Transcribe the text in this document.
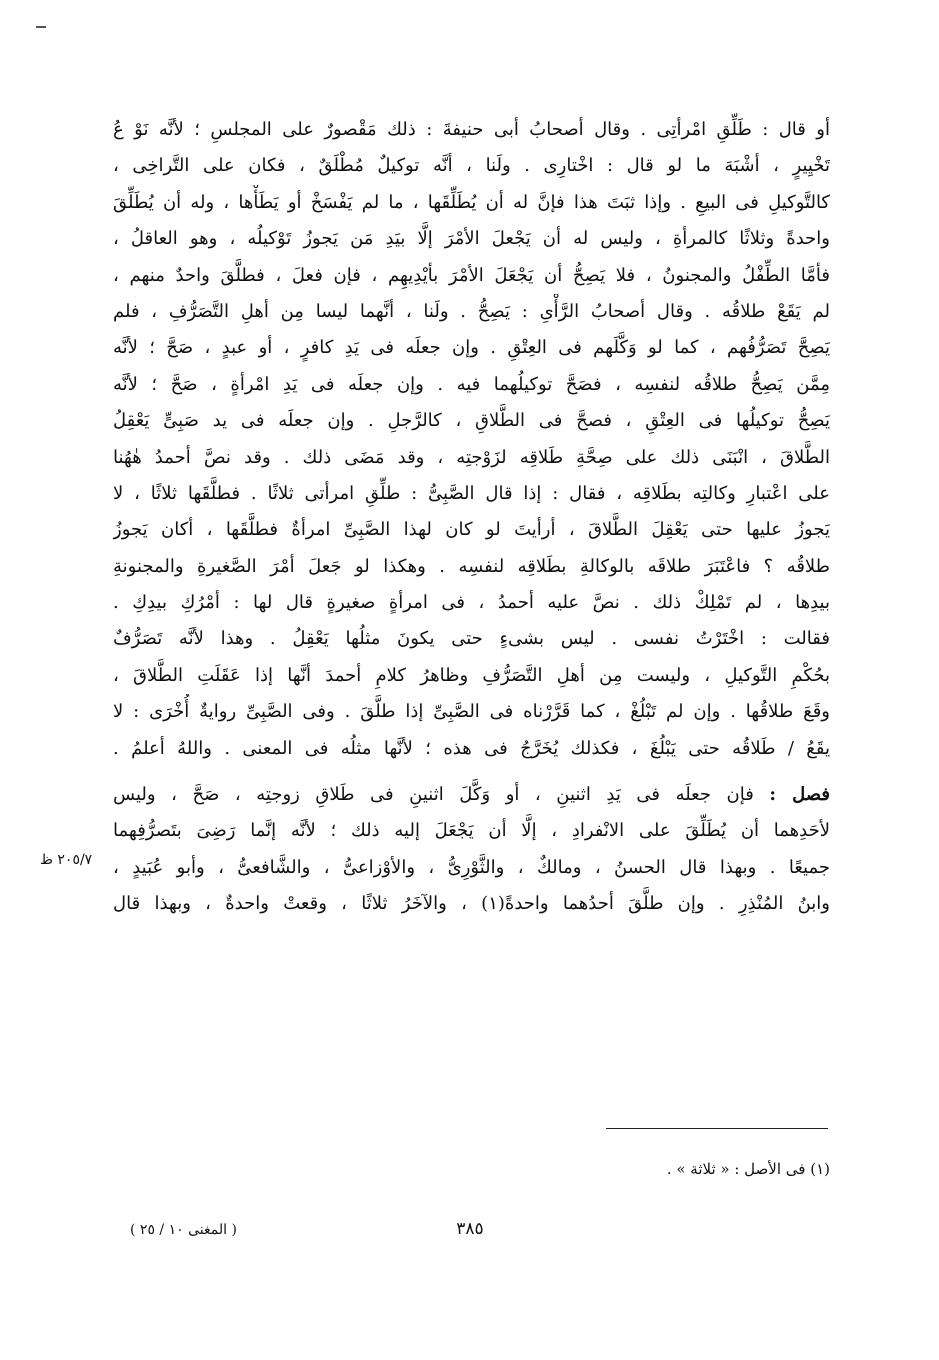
أو قال : طَلِّقِ امْرأتِى . وقال أصحابُ أبى حنيفةَ : ذلك مَقْصورٌ على المجلسِ ؛ لأنَّه نَوْ عُ
تَخْيِيرٍ ، أشْبَهَ ما لو قال : اخْتارِى . ولَنا ، أنَّه توكيلٌ مُطْلَقٌ ، فكان على التَّراخِى ،
كالتَّوكيلِ فى البيعِ . وإذا ثبَتَ هذا فإنَّ له أن يُطَلِّقَها ، ما لم يَفْسَخْ أو يَطَأْها ، وله أن يُطَلِّقَ
واحدةً وثلاثًا كالمرأةِ ، وليس له أن يَجْعلَ الأمْرَ إلَّا بيَدِ مَن يَجوزُ تَوْكيلُه ، وهو العاقلُ ،
فأمَّا الطِّفْلُ والمجنونُ ، فلا يَصِحُّ أن يَجْعَلَ الأمْرَ بأيْدِيهِم ، فإن فعلَ ، فطلَّقَ واحدٌ منهم ،
لم يَقَعْ طلاقُه . وقال أصحابُ الرَّأْىِ : يَصِحُّ . ولَنا ، أنَّهما ليسا مِن أهلِ التَّصَرُّفِ ، فلم
يَصِحَّ تَصَرُّفُهم ، كما لو وَكَّلَهم فى العِتْقِ . وإن جعلَه فى يَدِ كافرٍ ، أو عبدٍ ، صَحَّ ؛ لأنَّه
مِمَّن يَصِحُّ طلاقُه لنفسِه ، فصَحَّ توكيلُهما فيه . وإن جعلَه فى يَدِ امْرأةٍ ، صَحَّ ؛ لأنَّه
يَصِحُّ توكيلُها فى العِتْقِ ، فصحَّ فى الطَّلاقِ ، كالرَّجلِ . وإن جعلَه فى يد صَبِىٍّ يَعْقِلُ
الطَّلاقَ ، انْبَنَى ذلك على صِحَّةِ طَلاقِه لزَوْجتِه ، وقد مَضَى ذلك . وقد نصَّ أحمدُ هٰهُنا
على اعْتبارِ وكالتِه بطَلاقِه ، فقال : إذا قال الصَّبِىُّ : طلِّقِ امرأتى ثلاثًا . فطلَّقَها ثلاثًا ، لا
يَجوزُ عليها حتى يَعْقِلَ الطَّلاقَ ، أرأيتَ لو كان لهذا الصَّبِىِّ امرأةٌ فطلَّقَها ، أكان يَجوزُ
طلاقُه ؟ فاعْتَبَرَ طلاقَه بالوكالةِ بطَلاقِه لنفسِه . وهكذا لو جَعلَ أمْرَ الصَّغيرةِ والمجنونةِ
بيدِها ، لم تَمْلِكْ ذلك . نصَّ عليه أحمدُ ، فى امرأةٍ صغيرةٍ قال لها : أمْرُكِ بيدِكِ .
فقالت : اخْتَرْتُ نفسى . ليس بشىءٍ حتى يكونَ مثلُها يَعْقِلُ . وهذا لأنَّه تَصَرُّفٌ
بحُكْمِ التَّوكيلِ ، وليست مِن أهلِ التَّصَرُّفِ وظاهرُ كلامِ أحمدَ أنَّها إذا عَقَلَتِ الطَّلاقَ ،
وقَعَ طلاقُها . وإن لم تَبْلُغْ ، كما قَرَّرْناه فى الصَّبِىِّ إذا طلَّقَ . وفى الصَّبِىِّ روايةٌ أُخْرَى : لا
يقَعُ / طَلاقُه حتى يَبْلُغَ ، فكذلك يُخَرَّجُ فى هذه ؛ لأنَّها مثلُه فى المعنى . واللهُ أعلمُ .
فصل : فإن جعلَه فى يَدِ اثنينِ ، أو وَكَّلَ اثنينِ فى طَلاقِ زوجتِه ، صَحَّ ، وليس
لأحَدِهما أن يُطَلِّقَ على الانْفرادِ ، إلَّا أن يَجْعَلَ إليه ذلك ؛ لأنَّه إنَّما رَضِىَ بتَصرُّفِهما
جميعًا . وبهذا قال الحسنُ ، ومالكٌ ، والثَّوْرِىُّ ، والأوْزاعىُّ ، والشَّافعىُّ ، وأبو عُبَيدٍ ،
وابنُ المُنْذِرِ . وإن طلَّقَ أحدُهما واحدةً(١) ، والآخَرُ ثلاثًا ، وقعتْ واحدةٌ ، وبهذا قال
٢٠٥/٧ ظ
(١) فى الأصل : « ثلاثة » .
٣٨٥
( المغنى ١٠ / ٢٥ )
